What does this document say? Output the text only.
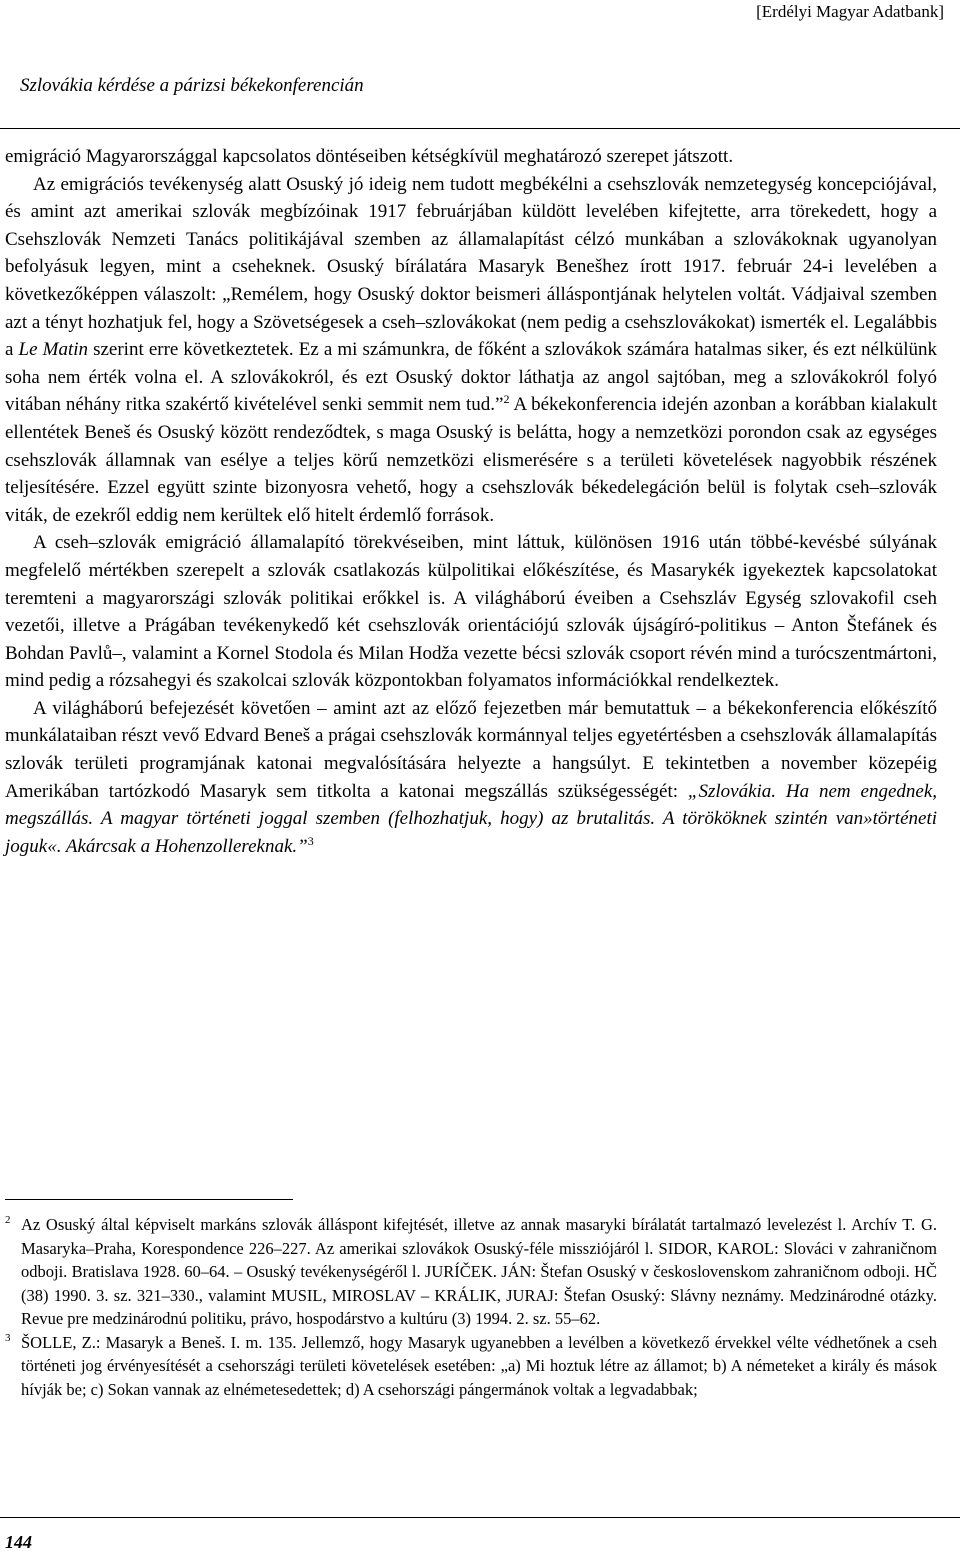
[Erdélyi Magyar Adatbank]
Szlovákia kérdése a párizsi békekonferencián

emigráció Magyarországgal kapcsolatos döntéseiben kétségkívül meghatározó szerepet játszott.

Az emigrációs tevékenység alatt Osuský jó ideig nem tudott megbékélni a csehszlovák nemzetegység koncepciójával, és amint azt amerikai szlovák megbízóinak 1917 februárjában küldött levelében kifejtette, arra törekedett, hogy a Csehszlovák Nemzeti Tanács politikájával szemben az államalapítást célzó munkában a szlovákoknak ugyanolyan befolyásuk legyen, mint a cseheknek. Osuský bírálatára Masaryk Benešhez írott 1917. február 24-i levelében a következőképpen válaszolt: „Remélem, hogy Osuský doktor beismeri álláspontjának helytelen voltát. Vádjaival szemben azt a tényt hozhatjuk fel, hogy a Szövetségesek a cseh–szlovákokat (nem pedig a csehszlovákokat) ismerték el. Legalábbis a Le Matin szerint erre következtetek. Ez a mi számunkra, de főként a szlovákok számára hatalmas siker, és ezt nélkülünk soha nem érték volna el. A szlovákokról, és ezt Osuský doktor láthatja az angol sajtóban, meg a szlovákokról folyó vitában néhány ritka szakértő kivételével senki semmit nem tud.”$^2$ A békekonferencia idején azonban a korábban kialakult ellentétek Beneš és Osuský között rendeződtek, s maga Osuský is belátta, hogy a nemzetközi porondon csak az egységes csehszlovák államnak van esélye a teljes körű nemzetközi elismerésére s a területi követelések nagyobbik részének teljesítésére. Ezzel együtt szinte bizonyosra vehető, hogy a csehszlovák békedelegáción belül is folytak cseh–szlovák viták, de ezekről eddig nem kerültek elő hitelt érdemlő források.

A cseh–szlovák emigráció államalapító törekvéseiben, mint láttuk, különösen 1916 után többé-kevésbé súlyának megfelelő mértékben szerepelt a szlovák csatlakozás külpolitikai előkészítése, és Masarykék igyekeztek kapcsolatokat teremteni a magyarországi szlovák politikai erőkkel is. A világháború éveiben a Csehszláv Egység szlovakofil cseh vezetői, illetve a Prágában tevékenykedő két csehszlovák orientációjú szlovák újságíró-politikus – Anton Štefánek és Bohdan Pavlů–, valamint a Kornel Stodola és Milan Hodža vezette bécsi szlovák csoport révén mind a turócszentmártoni, mind pedig a rózsahegyi és szakolcai szlovák központokban folyamatos információkkal rendelkeztek.

A világháború befejezését követően – amint azt az előző fejezetben már bemutattuk – a békekonferencia előkészítő munkálataiban részt vevő Edvard Beneš a prágai csehszlovák kormánnyal teljes egyetértésben a csehszlovák államalapítás szlovák területi programjának katonai megvalósítására helyezte a hangsúlyt. E tekintetben a november közepéig Amerikában tartózkodó Masaryk sem titkolta a katonai megszállás szükségességét: „Szlovákia. Ha nem engednek, megszállás. A magyar történeti joggal szemben (felhozhatjuk, hogy) az brutalitás. A törököknek szintén van»történeti joguk«. Akárcsak a Hohenzollereknak.”$^3$

2 Az Osuský által képviselt markáns szlovák álláspont kifejtését, illetve az annak masaryki bírálatát tartalmazó levelezést l. Archív T. G. Masaryka–Praha, Korespondence 226–227. Az amerikai szlovákok Osuský-féle missziójáról l. SIDOR, KAROL: Slováci v zahraničnom odboji. Bratislava 1928. 60–64. – Osuský tevékenységéről l. JURÍČEK. JÁN: Štefan Osuský v československom zahraničnom odboji. HČ (38) 1990. 3. sz. 321–330., valamint MUSIL, MIROSLAV – KRÁLIK, JURAJ: Štefan Osuský: Slávny neznámy. Medzinárodné otázky. Revue pre medzinárodnú politiku, právo, hospodárstvo a kultúru (3) 1994. 2. sz. 55–62.

3 ŠOLLE, Z.: Masaryk a Beneš. I. m. 135. Jellemző, hogy Masaryk ugyanebben a levélben a következő érvekkel vélte védhetőnek a cseh történeti jog érvényesítését a csehországi területi követelések esetében: „a) Mi hoztuk létre az államot; b) A németeket a király és mások hívják be; c) Sokan vannak az elnémetesedettek; d) A csehországi pángermánok voltak a legvadabbak;

144
